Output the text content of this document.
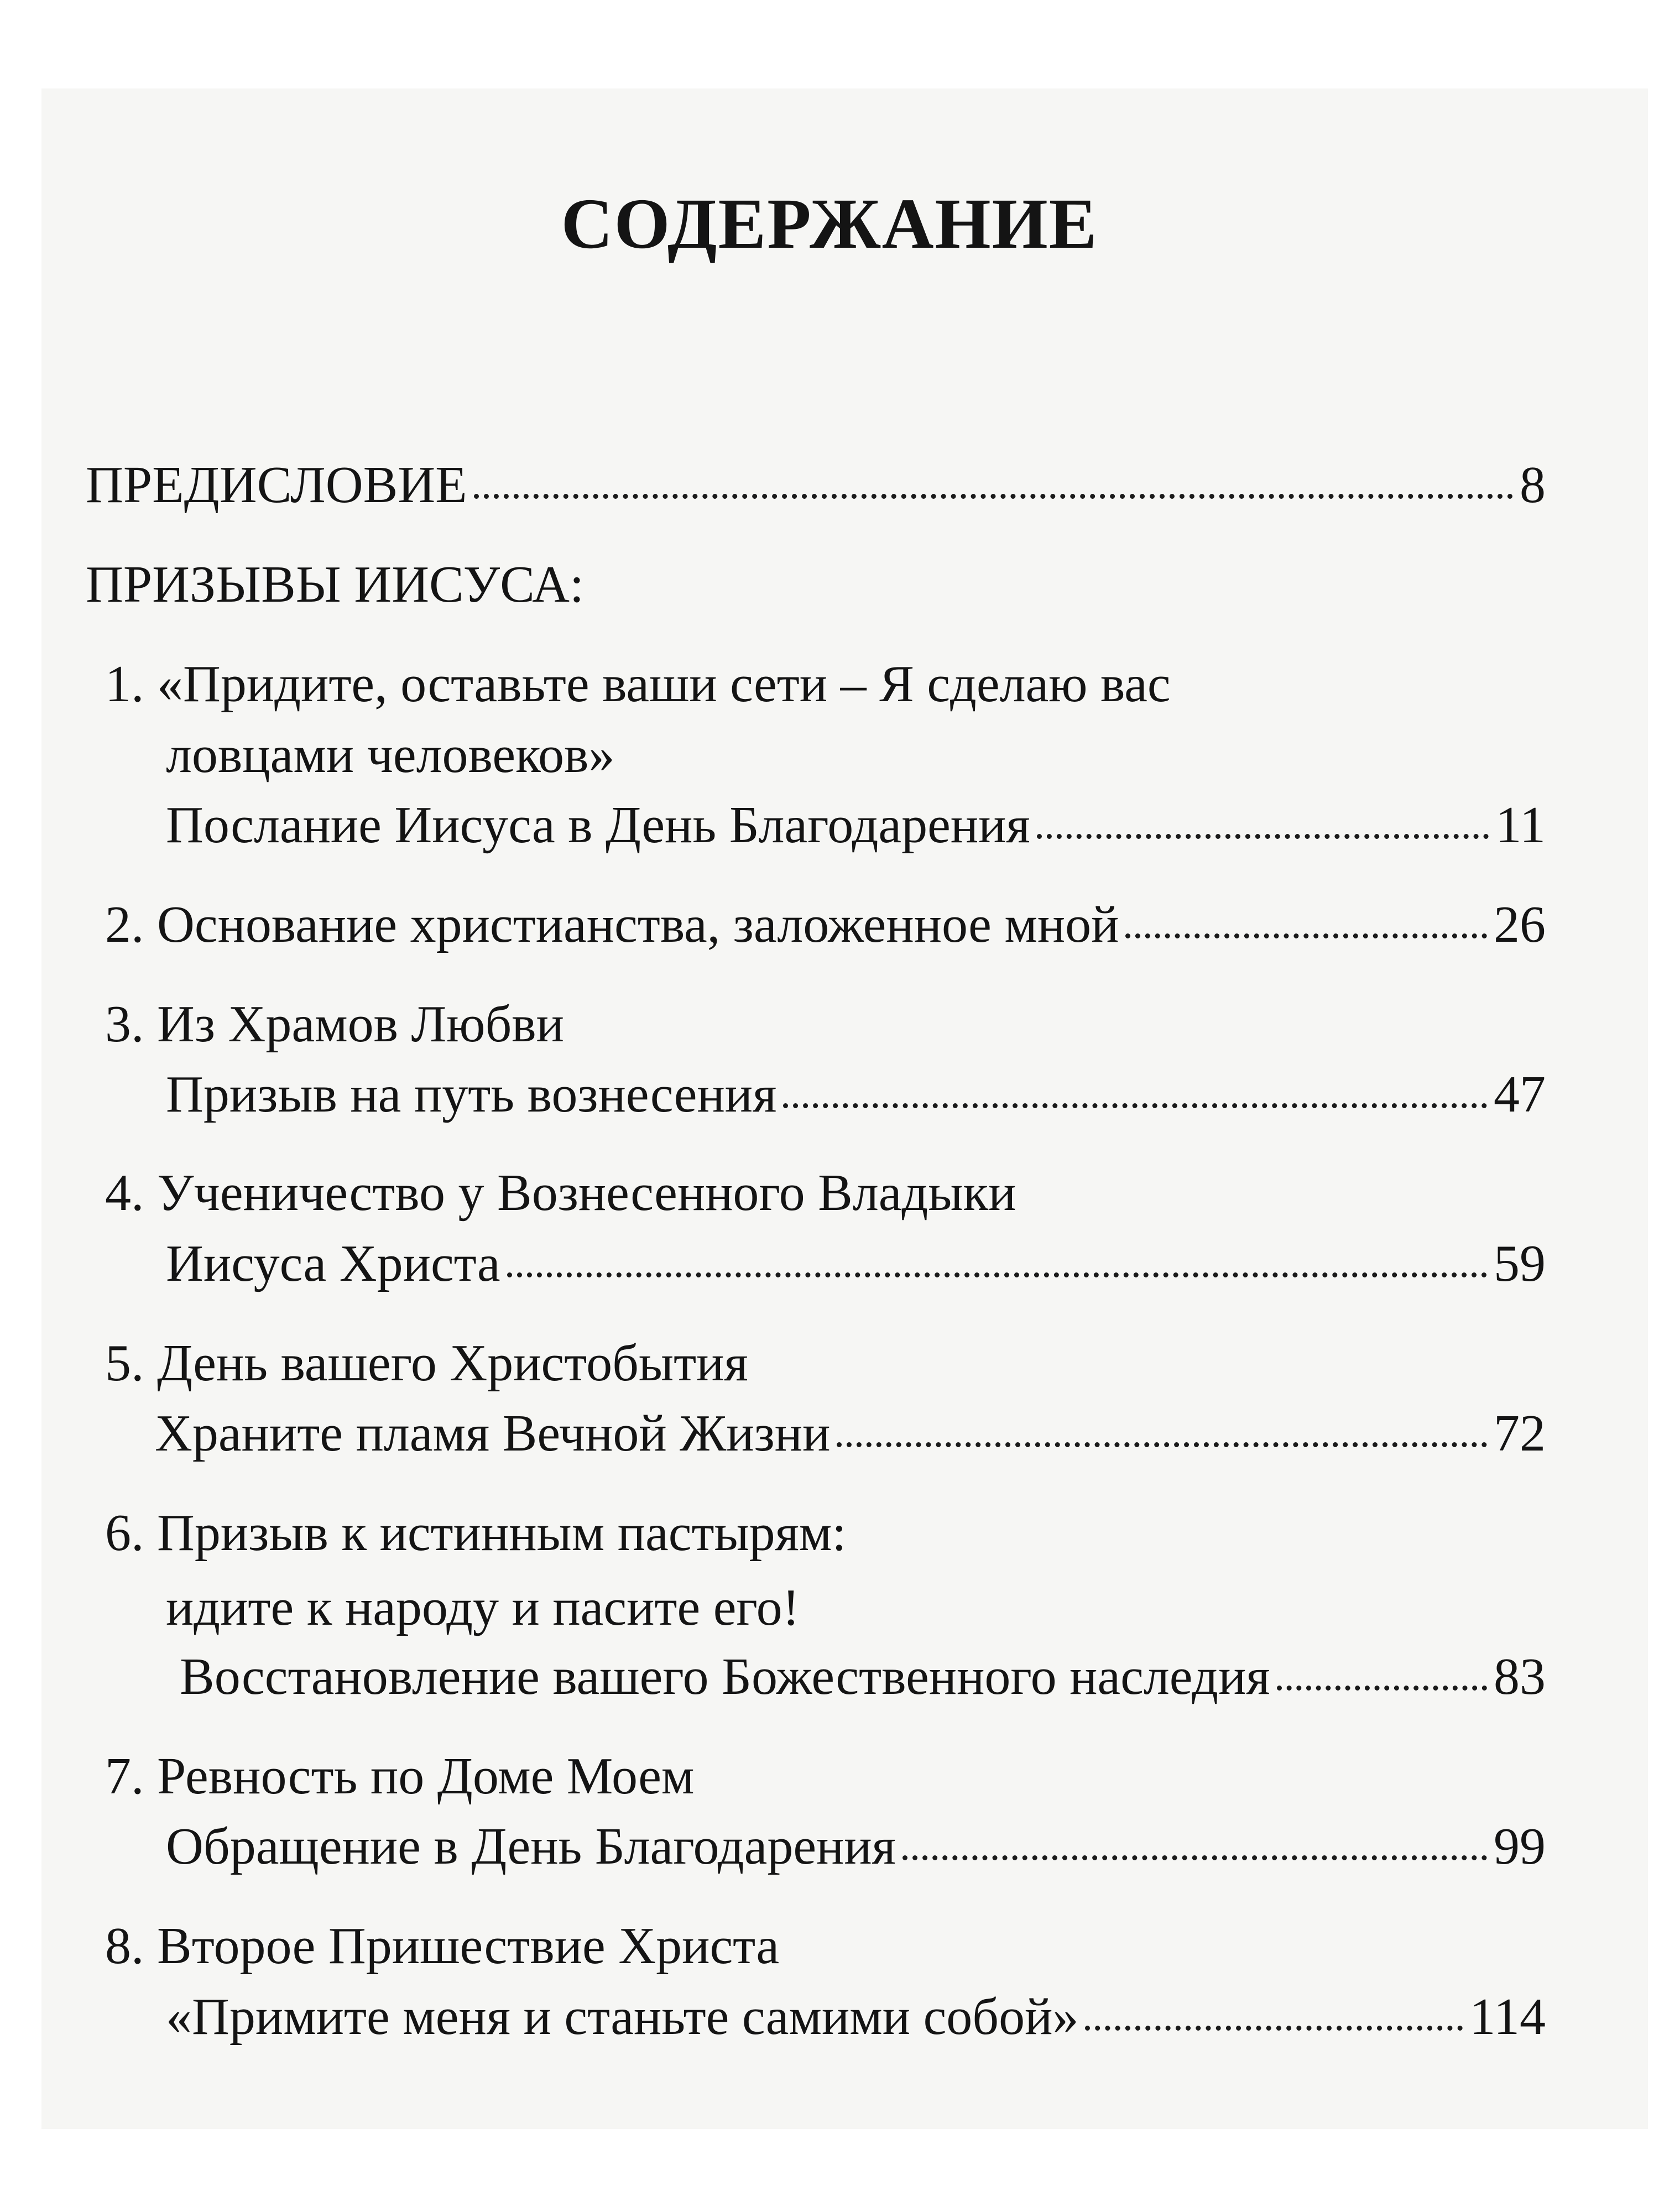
СОДЕРЖАНИЕ
ПРЕДИСЛОВИЕ	8
ПРИЗЫВЫ ИИСУСА:
1. «Придите, оставьте ваши сети – Я сделаю вас
ловцами человеков»
Послание Иисуса в День Благодарения	11
2. Основание христианства, заложенное мной	26
3. Из Храмов Любви
Призыв на путь вознесения	47
4. Ученичество у Вознесенного Владыки
Иисуса Христа	59
5. День вашего Христобытия
Храните пламя Вечной Жизни	72
6. Призыв к истинным пастырям:
идите к народу и пасите его!
Восстановление вашего Божественного наследия	83
7. Ревность по Доме Моем
Обращение в День Благодарения	99
8. Второе Пришествие Христа
«Примите меня и станьте самими собой»	114
